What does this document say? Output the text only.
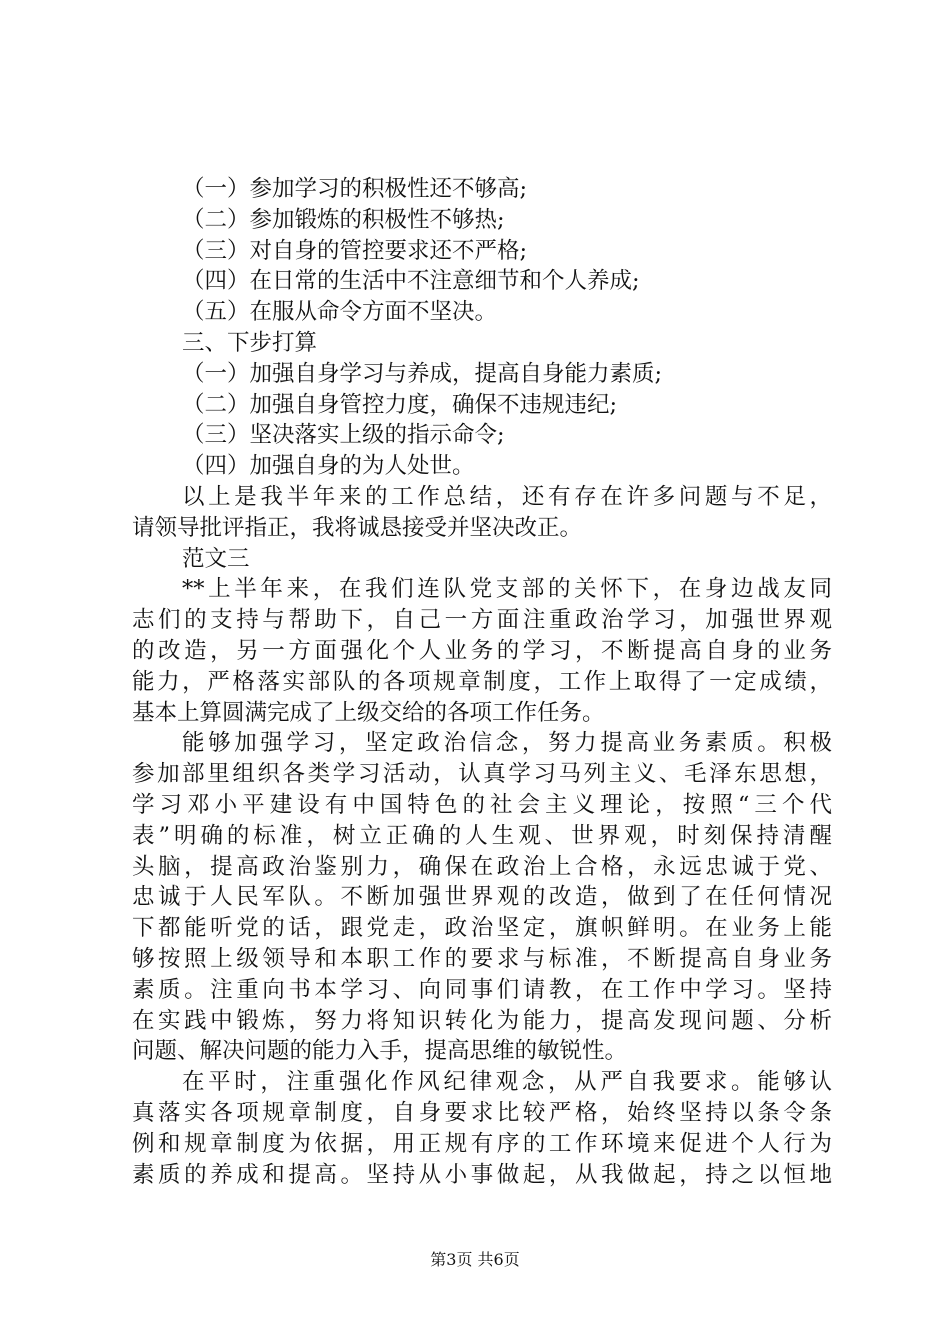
（一）参加学习的积极性还不够高;
（二）参加锻炼的积极性不够热;
（三）对自身的管控要求还不严格;
（四）在日常的生活中不注意细节和个人养成;
（五）在服从命令方面不坚决。
三、下步打算
（一）加强自身学习与养成，提高自身能力素质;
（二）加强自身管控力度，确保不违规违纪;
（三）坚决落实上级的指示命令;
（四）加强自身的为人处世。
以上是我半年来的工作总结，还有存在许多问题与不足，
请领导批评指正，我将诚恳接受并坚决改正。
范文三
**上半年来，在我们连队党支部的关怀下，在身边战友同
志们的支持与帮助下，自己一方面注重政治学习，加强世界观
的改造，另一方面强化个人业务的学习，不断提高自身的业务
能力，严格落实部队的各项规章制度，工作上取得了一定成绩，
基本上算圆满完成了上级交给的各项工作任务。
能够加强学习，坚定政治信念，努力提高业务素质。积极
参加部里组织各类学习活动，认真学习马列主义、毛泽东思想，
学习邓小平建设有中国特色的社会主义理论，按照“三个代
表”明确的标准，树立正确的人生观、世界观，时刻保持清醒
头脑，提高政治鉴别力，确保在政治上合格，永远忠诚于党、
忠诚于人民军队。不断加强世界观的改造，做到了在任何情况
下都能听党的话，跟党走，政治坚定，旗帜鲜明。在业务上能
够按照上级领导和本职工作的要求与标准，不断提高自身业务
素质。注重向书本学习、向同事们请教，在工作中学习。坚持
在实践中锻炼，努力将知识转化为能力，提高发现问题、分析
问题、解决问题的能力入手，提高思维的敏锐性。
在平时，注重强化作风纪律观念，从严自我要求。能够认
真落实各项规章制度，自身要求比较严格，始终坚持以条令条
例和规章制度为依据，用正规有序的工作环境来促进个人行为
素质的养成和提高。坚持从小事做起，从我做起，持之以恒地
第3页 共6页
